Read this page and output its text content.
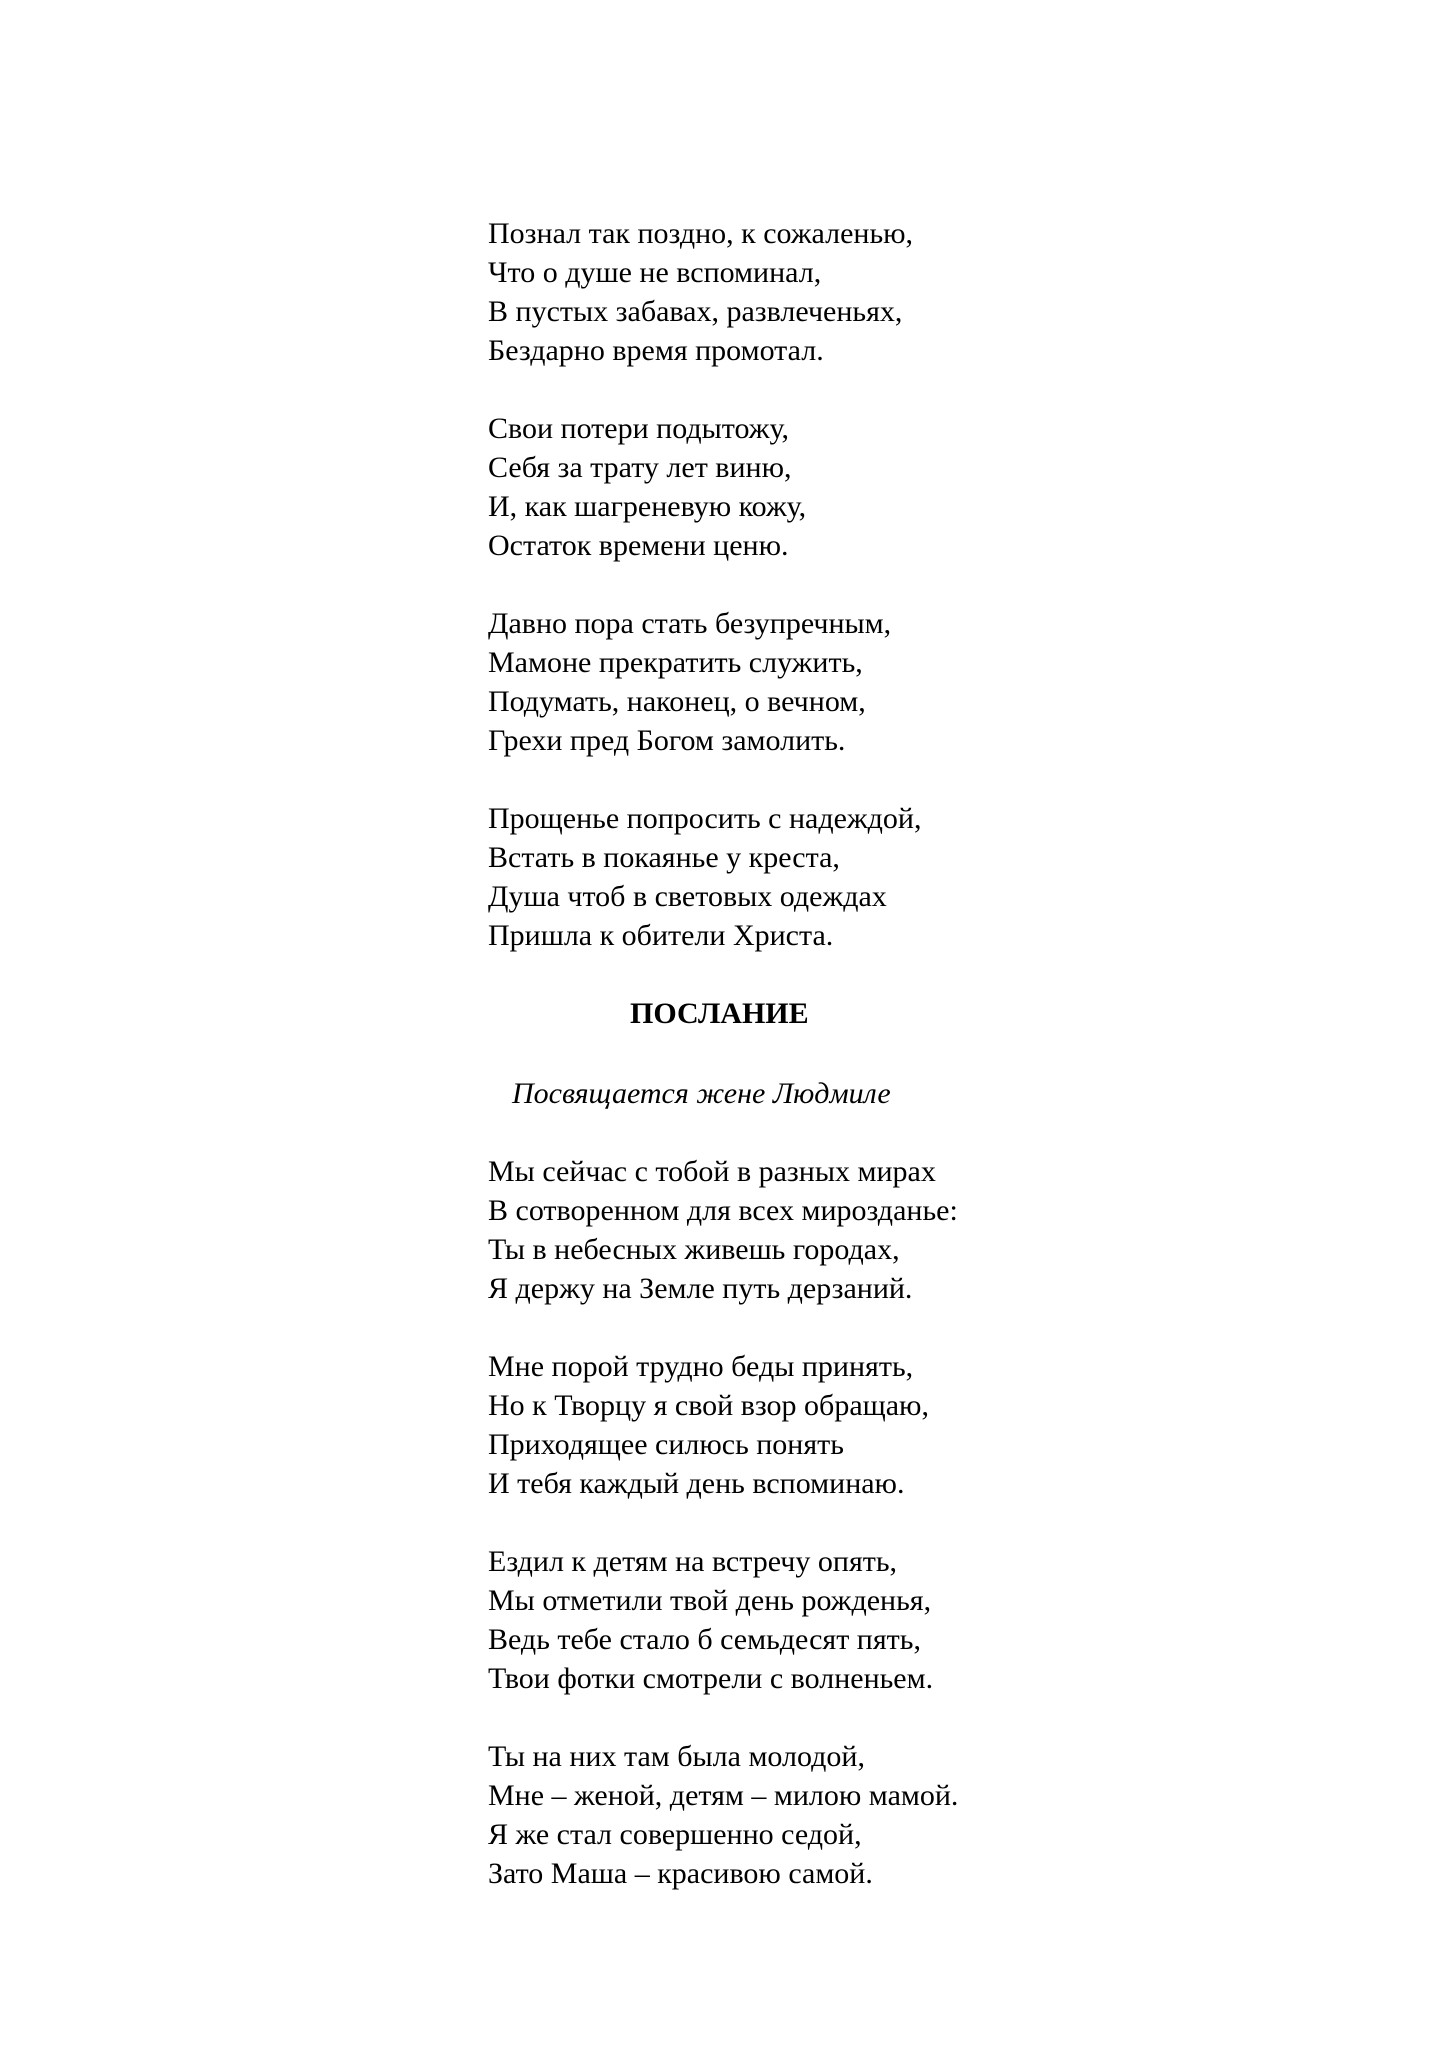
Познал так поздно, к сожаленью,
Что о душе не вспоминал,
В пустых забавах, развлеченьях,
Бездарно время промотал.
Свои потери подытожу,
Себя за трату лет виню,
И, как шагреневую кожу,
Остаток времени ценю.
Давно пора стать безупречным,
Мамоне прекратить служить,
Подумать, наконец, о вечном,
Грехи пред Богом замолить.
Прощенье попросить с надеждой,
Встать в покаянье у креста,
Душа чтоб в световых одеждах
Пришла к обители Христа.
ПОСЛАНИЕ
Посвящается жене Людмиле
Мы сейчас с тобой в разных мирах
В сотворенном для всех мирозданье:
Ты в небесных живешь городах,
Я держу на Земле путь дерзаний.
Мне порой трудно беды принять,
Но к Творцу я свой взор обращаю,
Приходящее силюсь понять
И тебя каждый день вспоминаю.
Ездил к детям на встречу опять,
Мы отметили твой день рожденья,
Ведь тебе стало б семьдесят пять,
Твои фотки смотрели с волненьем.
Ты на них там была молодой,
Мне – женой, детям – милою мамой.
Я же стал совершенно седой,
Зато Маша – красивою самой.
